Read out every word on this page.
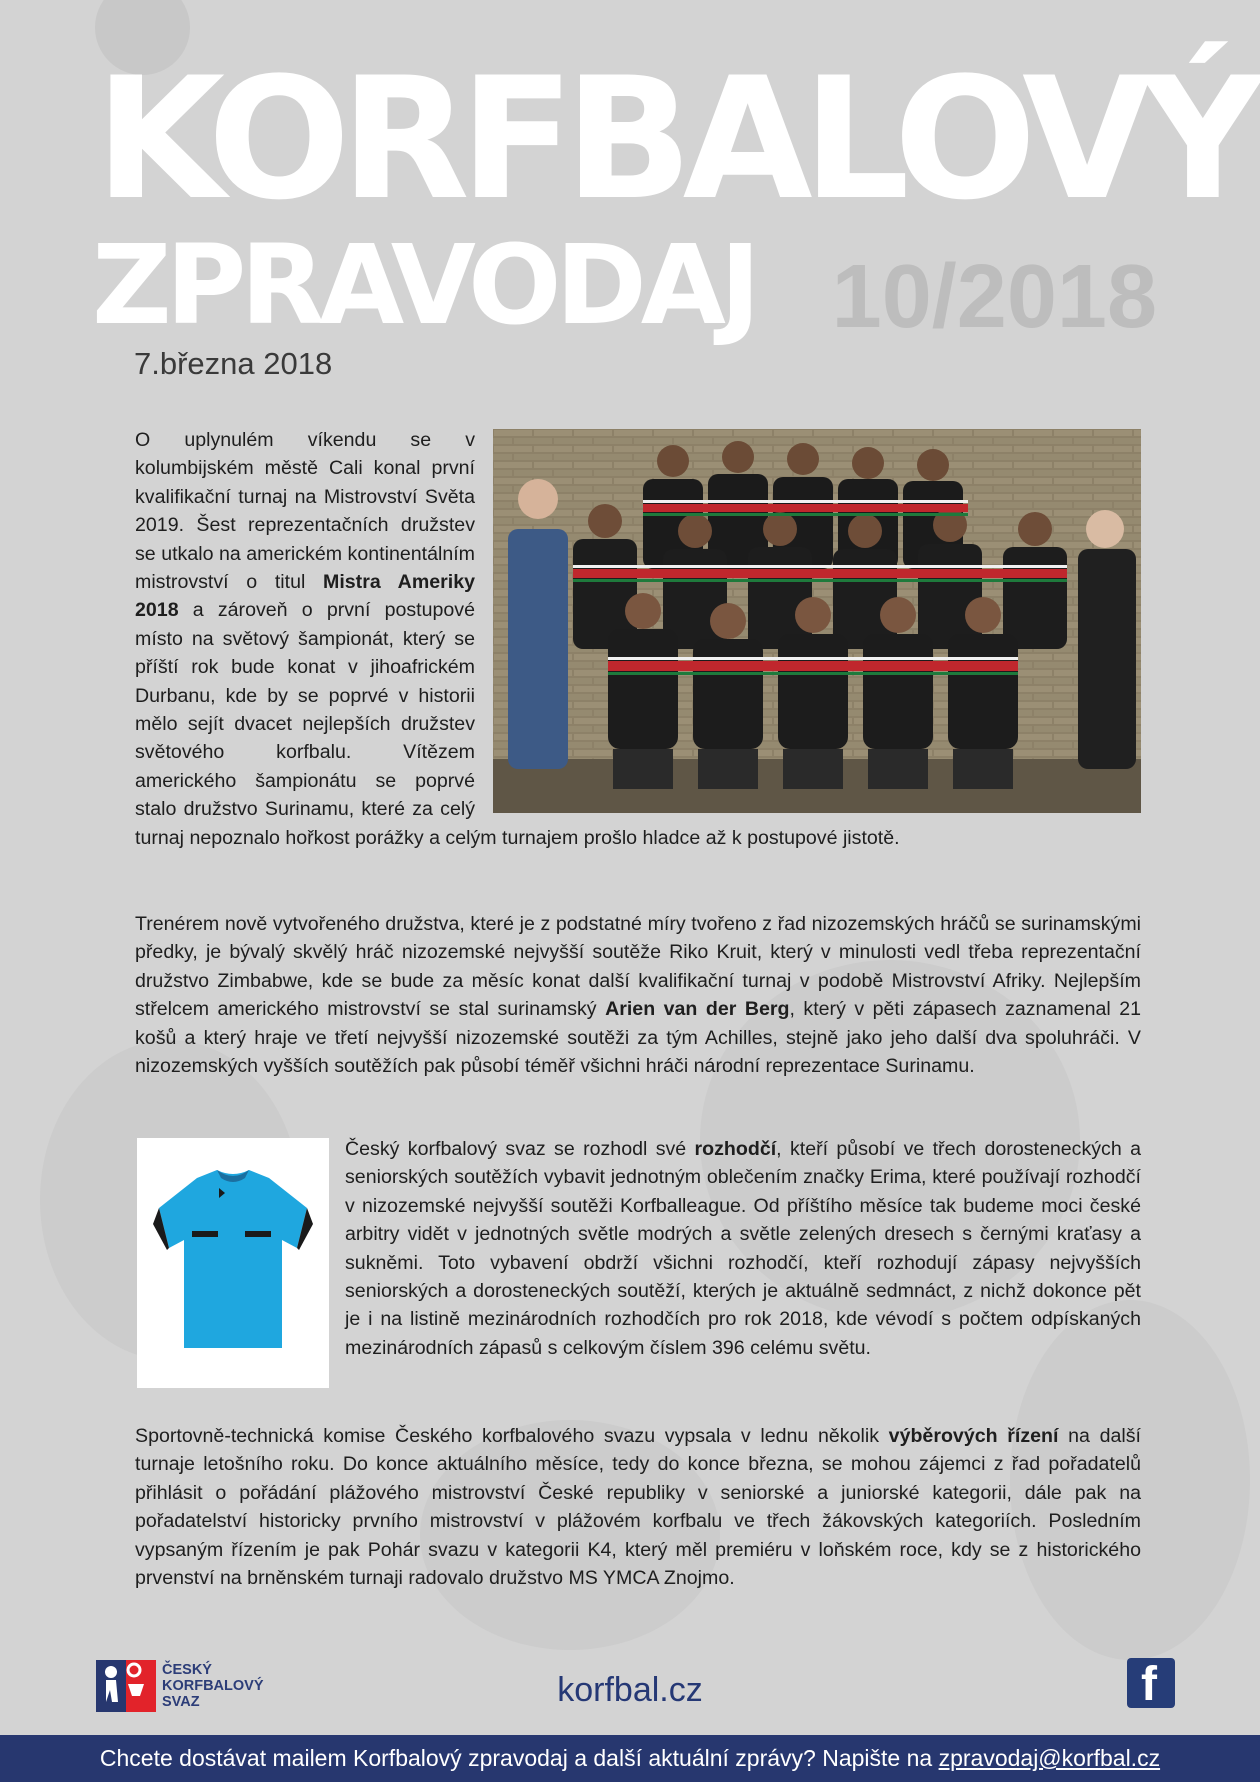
KORFBALOVÝ
ZPRAVODAJ 10/2018
7.března 2018

O uplynulém víkendu se v kolumbijském městě Cali konal první kvalifikační turnaj na Mistrovství Světa 2019. Šest reprezentačních družstev se utkalo na americkém kontinentálním mistrovství o titul Mistra Ameriky 2018 a zároveň o první postupové místo na světový šampionát, který se příští rok bude konat v jihoafrickém Durbanu, kde by se poprvé v historii mělo sejít dvacet nejlepších družstev světového korfbalu. Vítězem amerického šampionátu se poprvé stalo družstvo Surinamu, které za celý turnaj nepoznalo hořkost porážky a celým turnajem prošlo hladce až k postupové jistotě.

Trenérem nově vytvořeného družstva, které je z podstatné míry tvořeno z řad nizozemských hráčů se surinamskými předky, je bývalý skvělý hráč nizozemské nejvyšší soutěže Riko Kruit, který v minulosti vedl třeba reprezentační družstvo Zimbabwe, kde se bude za měsíc konat další kvalifikační turnaj v podobě Mistrovství Afriky. Nejlepším střelcem amerického mistrovství se stal surinamský Arien van der Berg, který v pěti zápasech zaznamenal 21 košů a který hraje ve třetí nejvyšší nizozemské soutěži za tým Achilles, stejně jako jeho další dva spoluhráči. V nizozemských vyšších soutěžích pak působí téměř všichni hráči národní reprezentace Surinamu.

Český korfbalový svaz se rozhodl své rozhodčí, kteří působí ve třech dorosteneckých a seniorských soutěžích vybavit jednotným oblečením značky Erima, které používají rozhodčí v nizozemské nejvyšší soutěži Korfballeague. Od příštího měsíce tak budeme moci české arbitry vidět v jednotných světle modrých a světle zelených dresech s černými kraťasy a sukněmi. Toto vybavení obdrží všichni rozhodčí, kteří rozhodují zápasy nejvyšších seniorských a dorosteneckých soutěží, kterých je aktuálně sedmnáct, z nichž dokonce pět je i na listině mezinárodních rozhodčích pro rok 2018, kde vévodí s počtem odpískaných mezinárodních zápasů s celkovým číslem 396 celému světu.

Sportovně-technická komise Českého korfbalového svazu vypsala v lednu několik výběrových řízení na další turnaje letošního roku. Do konce aktuálního měsíce, tedy do konce března, se mohou zájemci z řad pořadatelů přihlásit o pořádání plážového mistrovství České republiky v seniorské a juniorské kategorii, dále pak na pořadatelství historicky prvního mistrovství v plážovém korfbalu ve třech žákovských kategoriích. Posledním vypsaným řízením je pak Pohár svazu v kategorii K4, který měl premiéru v loňském roce, kdy se z historického prvenství na brněnském turnaji radovalo družstvo MS YMCA Znojmo.

ČESKÝ
KORFBALOVÝ
SVAZ	korfbal.cz	f
Chcete dostávat mailem Korfbalový zpravodaj a další aktuální zprávy? Napište na zpravodaj@korfbal.cz
